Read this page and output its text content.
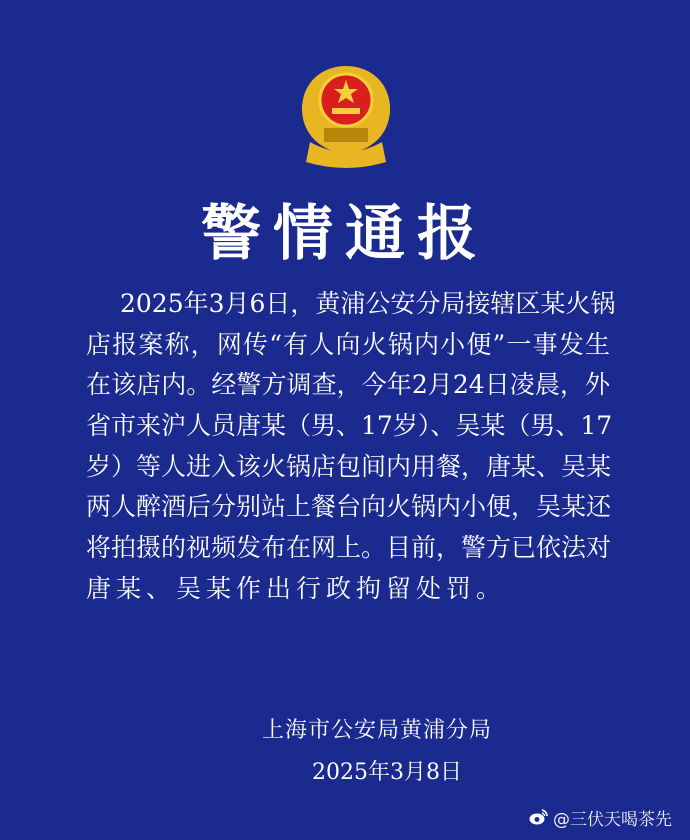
警情通报
2025年3月6日，黄浦公安分局接辖区某火锅
店报案称，网传“有人向火锅内小便”一事发生
在该店内。经警方调查，今年2月24日凌晨，外
省市来沪人员唐某（男、17岁）、吴某（男、17
岁）等人进入该火锅店包间内用餐，唐某、吴某
两人醉酒后分别站上餐台向火锅内小便，吴某还
将拍摄的视频发布在网上。目前，警方已依法对
唐某、吴某作出行政拘留处罚。
上海市公安局黄浦分局
2025年3月8日
@三伏天喝茶先
